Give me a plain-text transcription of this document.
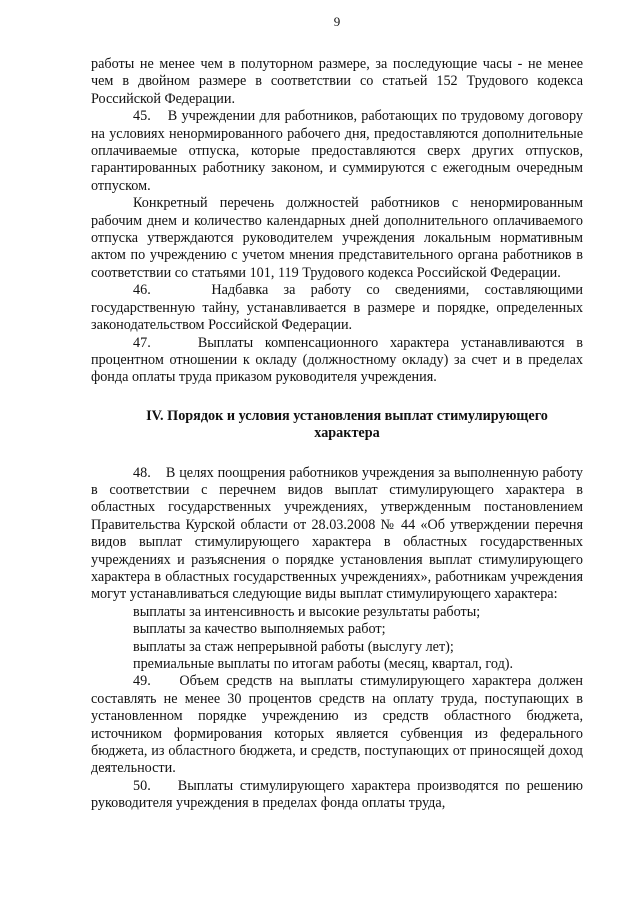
9

работы не менее чем в полуторном размере, за последующие часы - не менее чем в двойном размере в соответствии со статьей 152 Трудового кодекса Российской Федерации.

45.    В учреждении для работников, работающих по трудовому договору на условиях ненормированного рабочего дня, предоставляются дополнительные оплачиваемые отпуска, которые предоставляются сверх других отпусков, гарантированных работнику законом, и суммируются с ежегодным очередным отпуском.

Конкретный перечень должностей работников с ненормированным рабочим днем и количество календарных дней дополнительного оплачиваемого отпуска утверждаются руководителем учреждения локальным нормативным актом по учреждению с учетом мнения представительного органа работников в соответствии со статьями 101, 119 Трудового кодекса Российской Федерации.

46.    Надбавка за работу со сведениями, составляющими государственную тайну, устанавливается в размере и порядке, определенных законодательством Российской Федерации.

47.    Выплаты компенсационного характера устанавливаются в процентном отношении к окладу (должностному окладу) за счет и в пределах фонда оплаты труда приказом руководителя учреждения.

IV. Порядок и условия установления выплат стимулирующего характера

48.    В целях поощрения работников учреждения за выполненную работу в соответствии с перечнем видов выплат стимулирующего характера в областных государственных учреждениях, утвержденным постановлением Правительства Курской области от 28.03.2008 № 44 «Об утверждении перечня видов выплат стимулирующего характера в областных государственных учреждениях и разъяснения о порядке установления выплат стимулирующего характера в областных государственных учреждениях», работникам учреждения могут устанавливаться следующие виды выплат стимулирующего характера:

выплаты за интенсивность и высокие результаты работы;

выплаты за качество выполняемых работ;

выплаты за стаж непрерывной работы (выслугу лет);

премиальные выплаты по итогам работы (месяц, квартал, год).

49.    Объем средств на выплаты стимулирующего характера должен составлять не менее 30 процентов средств на оплату труда, поступающих в установленном порядке учреждению из средств областного бюджета, источником формирования которых является субвенция из федерального бюджета, из областного бюджета, и средств, поступающих от приносящей доход деятельности.

50.    Выплаты стимулирующего характера производятся по решению руководителя учреждения в пределах фонда оплаты труда,
